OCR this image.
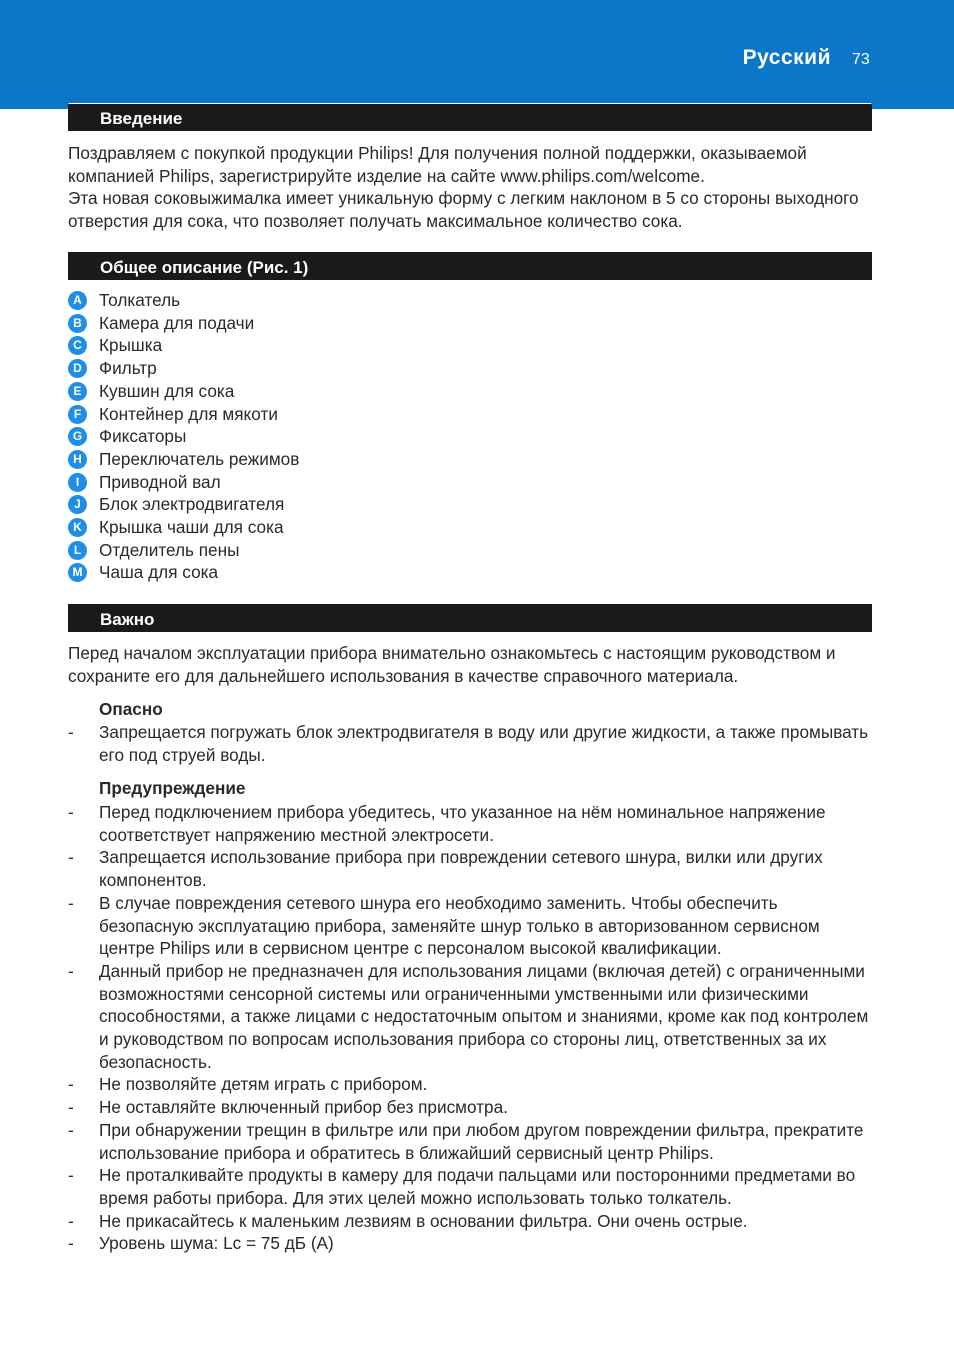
Русский 73
Введение

Поздравляем с покупкой продукции Philips! Для получения полной поддержки, оказываемой компанией Philips, зарегистрируйте изделие на сайте www.philips.com/welcome.

Эта новая соковыжималка имеет уникальную форму с легким наклоном в 5 со стороны выходного отверстия для сока, что позволяет получать максимальное количество сока.

Общее описание (Рис. 1)
A Толкатель
B Камера для подачи
C Крышка
D Фильтр
E	Кувшин для сока
F	Контейнер для мякоти
G Фиксаторы
H Переключатель режимов
I	Приводной вал
J	Блок электродвигателя
K Крышка чаши для сока
L	Отделитель пены
M Чаша для сока
Важно

Перед началом эксплуатации прибора внимательно ознакомьтесь с настоящим руководством и сохраните его для дальнейшего использования в качестве справочного материала.

Опасно
- Запрещается погружать блок электродвигателя в воду или другие жидкости, а также промывать его под струей воды.
Предупреждение
- Перед подключением прибора убедитесь, что указанное на нём номинальное напряжение соответствует напряжению местной электросети.
- Запрещается использование прибора при повреждении сетевого шнура, вилки или других компонентов.
- В случае повреждения сетевого шнура его необходимо заменить. Чтобы обеспечить безопасную эксплуатацию прибора, заменяйте шнур только в авторизованном сервисном центре Philips или в сервисном центре с персоналом высокой квалификации.
- Данный прибор не предназначен для использования лицами (включая детей) с ограниченными возможностями сенсорной системы или ограниченными умственными или физическими способностями, а также лицами с недостаточным опытом и знаниями, кроме как под контролем и руководством по вопросам использования прибора со стороны лиц, ответственных за их безопасность.
- Не позволяйте детям играть с прибором.
- Не оставляйте включенный прибор без присмотра.
- При обнаружении трещин в фильтре или при любом другом повреждении фильтра, прекратите использование прибора и обратитесь в ближайший сервисный центр Philips.
- Не проталкивайте продукты в камеру для подачи пальцами или посторонними предметами во время работы прибора. Для этих целей можно использовать только толкатель.
- Не прикасайтесь к маленьким лезвиям в основании фильтра. Они очень острые.
- Уровень шума: Lc = 75 дБ (A)
